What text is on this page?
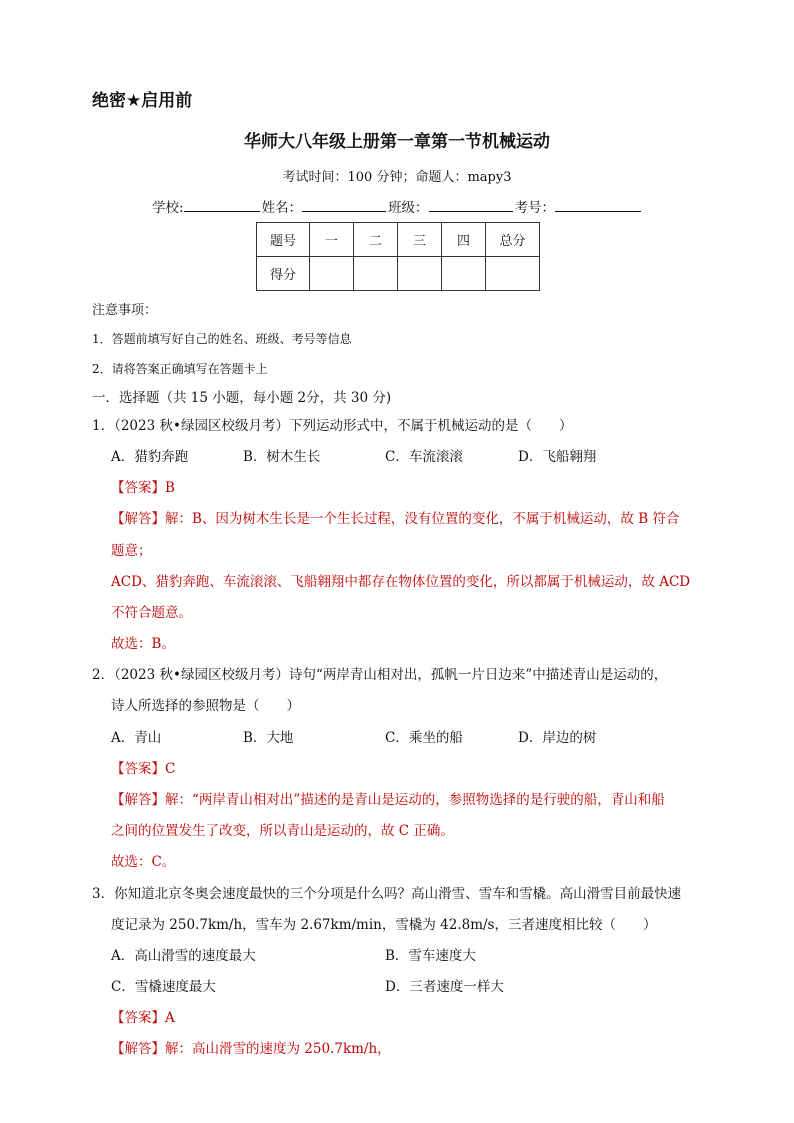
绝密★启用前
华师大八年级上册第一章第一节机械运动
考试时间：100 分钟；命题人：mapy3
学校:	姓名：	班级：	考号：
题号	一	二	三	四	总分
得分					
注意事项：
1．答题前填写好自己的姓名、班级、考号等信息
2．请将答案正确填写在答题卡上
一．选择题（共 15 小题，每小题 2分，共 30 分)
1．（2023 秋•绿园区校级月考）下列运动形式中，不属于机械运动的是（　　）
A．猎豹奔跑	B．树木生长	C．车流滚滚	D．飞船翱翔
【答案】B
【解答】解：B、因为树木生长是一个生长过程，没有位置的变化，不属于机械运动，故 B 符合
题意；
ACD、猎豹奔跑、车流滚滚、飞船翱翔中都存在物体位置的变化，所以都属于机械运动，故 ACD
不符合题意。
故选：B。
2．（2023 秋•绿园区校级月考）诗句“两岸青山相对出，孤帆一片日边来”中描述青山是运动的，
诗人所选择的参照物是（　　）
A．青山	B．大地	C．乘坐的船	D．岸边的树
【答案】C
【解答】解：“两岸青山相对出”描述的是青山是运动的，参照物选择的是行驶的船，青山和船
之间的位置发生了改变，所以青山是运动的，故 C 正确。
故选：C。
3．你知道北京冬奥会速度最快的三个分项是什么吗？高山滑雪、雪车和雪橇。高山滑雪目前最快速
度记录为 250.7km/h，雪车为 2.67km/min，雪橇为 42.8m/s，三者速度相比较（　　）
A．高山滑雪的速度最大	B．雪车速度大
C．雪橇速度最大	D．三者速度一样大
【答案】A
【解答】解：高山滑雪的速度为 250.7km/h，
